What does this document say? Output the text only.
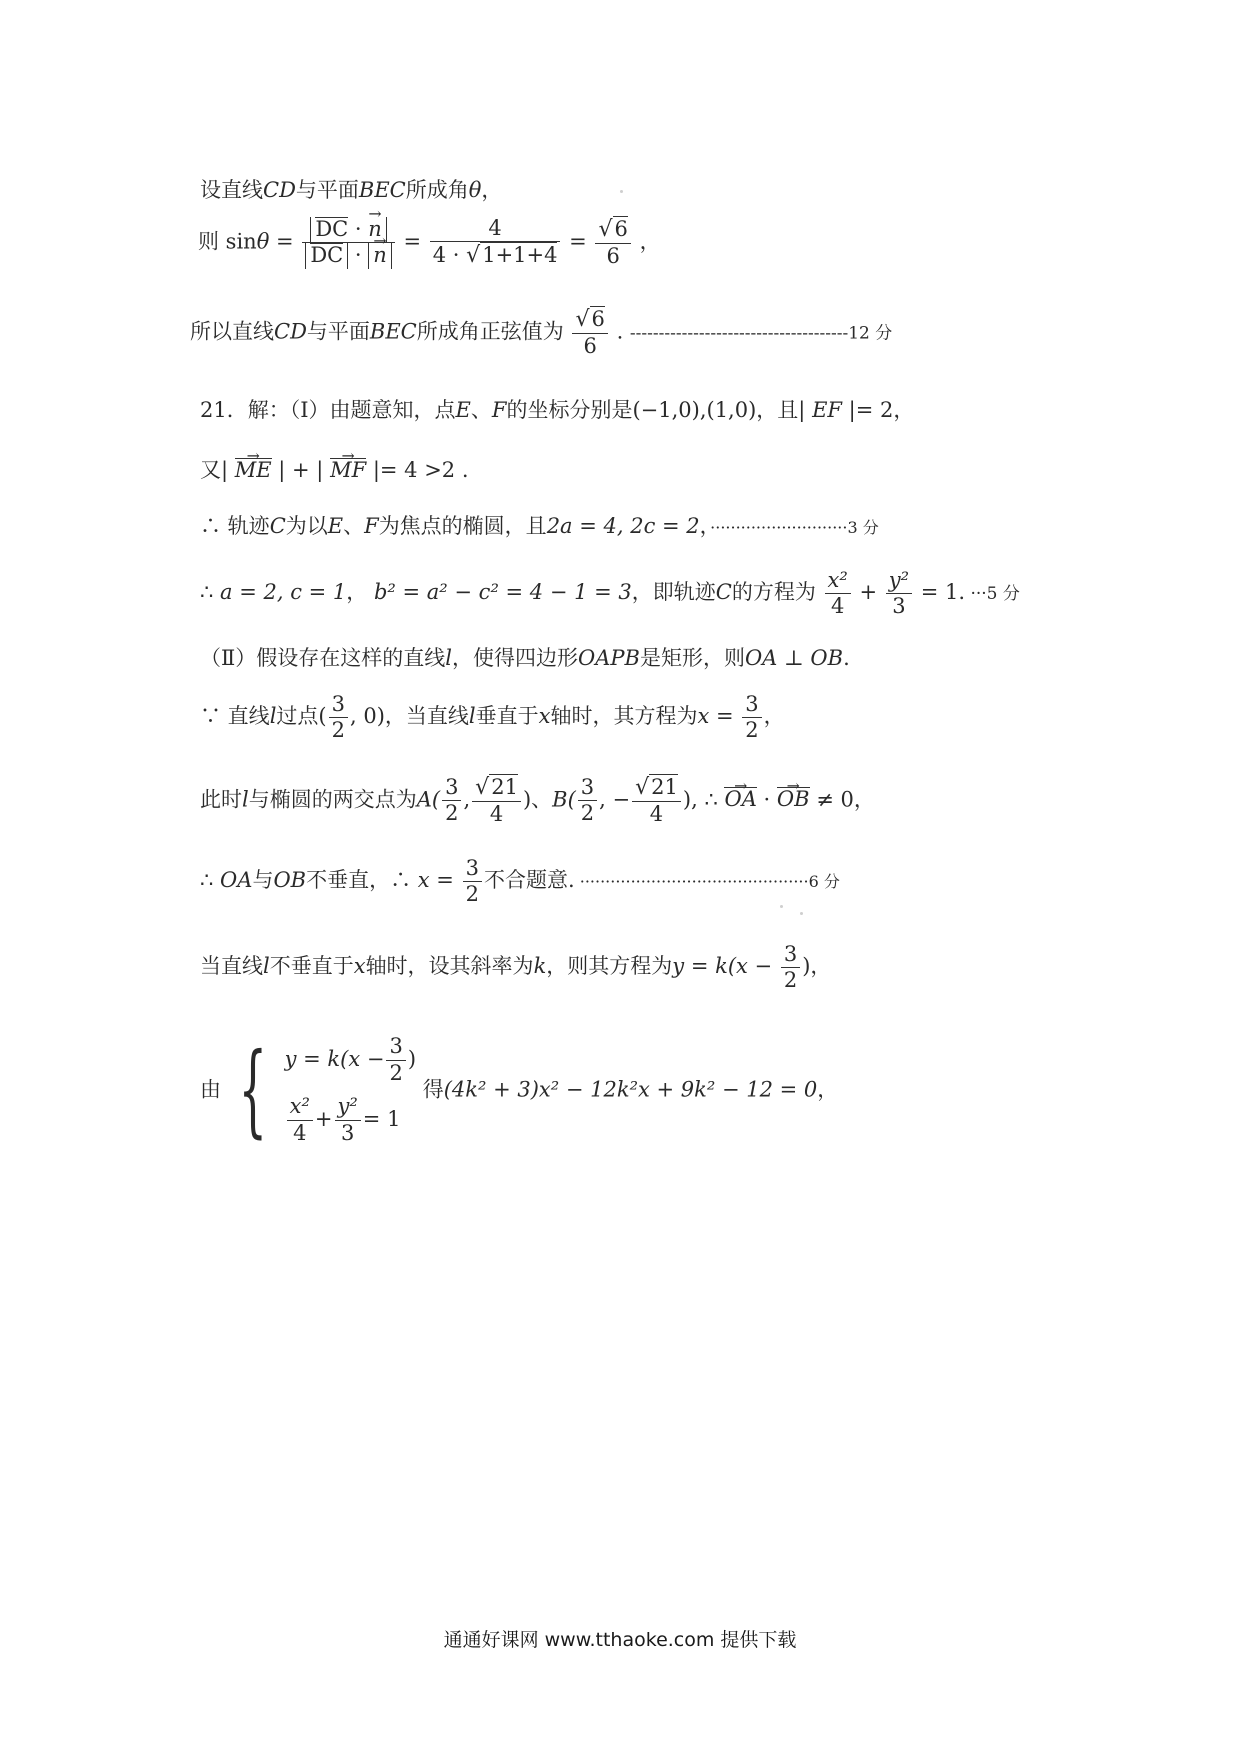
设直线CD与平面BEC所成角θ，
则 $\sin\theta = \frac{DC \cdot n \to}{DC \cdot n}$ → = $\frac{4}{4 \cdot √1+1+4} = \frac{√6}{6}$ ，
所以直线CD与平面BEC所成角正弦值为 $\frac{√6}{6}$ . --------------------------------------12 分
21．解：（Ⅰ）由题意知，点E、F的坐标分别是(−1,0),(1,0)，且| EF |= 2，
又| ME → | + | MF → |= 4 >2 .
∴ 轨迹C为以E、F为焦点的椭圆，且2a = 4, 2c = 2，···························3 分
∴ a = 2, c = 1， b² = a² − c² = 4 − 1 = 3，即轨迹C的方程为 $\frac{\text{x²}}{4} + \frac{\text{y²}}{3} = 1$. ···5 分
（Ⅱ）假设存在这样的直线l，使得四边形OAPB是矩形，则OA ⊥ OB.
∵ 直线l过点( $\frac{3}{2}$ , 0)，当直线l垂直于x轴时，其方程为$x = \frac{3}{2}$ ，
此时l与椭圆的两交点为$A( \frac{3}{2}$ , $\frac{√21}{4}$ )、$B( \frac{3}{2}$ , − $\frac{√21}{4}$ ), ∴ OA → · OB → ≠ 0，
∴ OA与OB不垂直，∴ $x = \frac{3}{2}$ 不合题意. ·············································6 分
当直线l不垂直于x轴时，设其斜率为k，则其方程为$y = k(x - \frac{3}{2}$ )，
由 { $y = k(x - \frac{3}{2}$ )
$\frac{\text{x²}}{4} + \frac{\text{y²}}{3} = 1$
得(4k² + 3)x² − 12k²x + 9k² − 12 = 0，
通通好课网 www.tthaoke.com 提供下载
